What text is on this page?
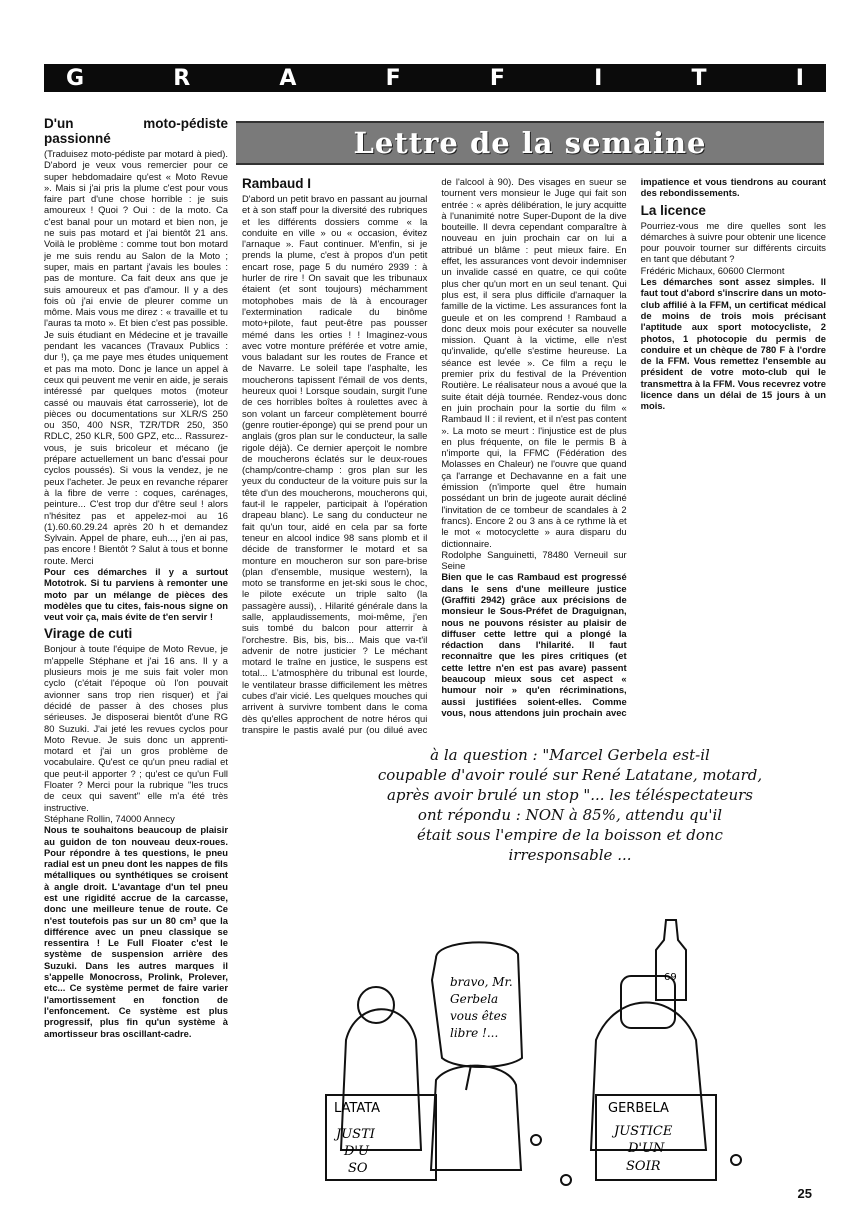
G	R	A	F	F	I	T	I
D'un moto-pédiste passionné

(Traduisez moto-pédiste par motard à pied). D'abord je veux vous remercier pour ce super hebdomadaire qu'est « Moto Revue ». Mais si j'ai pris la plume c'est pour vous faire part d'une chose horrible : je suis amoureux ! Quoi ? Oui : de la moto. Ca c'est banal pour un motard et bien non, je ne suis pas motard et j'ai bientôt 21 ans. Voilà le problème : comme tout bon motard je me suis rendu au Salon de la Moto ; super, mais en partant j'avais les boules : pas de monture. Ca fait deux ans que je suis amoureux et pas d'amour. Il y a des fois où j'ai envie de pleurer comme un môme. Mais vous me direz : « travaille et tu l'auras ta moto ». Et bien c'est pas possible. Je suis étudiant en Médecine et je travaille pendant les vacances (Travaux Publics : dur !), ça me paye mes études uniquement et pas ma moto. Donc je lance un appel à ceux qui peuvent me venir en aide, je serais intéressé par quelques motos (moteur cassé ou mauvais état carrosserie), lot de pièces ou documentations sur XLR/S 250 ou 350, 400 NSR, TZR/TDR 250, 350 RDLC, 250 KLR, 500 GPZ, etc... Rassurez-vous, je suis bricoleur et mécano (je prépare actuellement un banc d'essai pour cyclos poussés). Si vous la vendez, je ne peux l'acheter. Je peux en revanche réparer à la fibre de verre : coques, carénages, peinture... C'est trop dur d'être seul ! alors n'hésitez pas et appelez-moi au 16 (1).60.60.29.24 après 20 h et demandez Sylvain. Appel de phare, euh..., j'en ai pas, pas encore ! Bientôt ? Salut à tous et bonne route. Merci

Pour ces démarches il y a surtout Mototrok. Si tu parviens à remonter une moto par un mélange de pièces des modèles que tu cites, fais-nous signe on veut voir ça, mais évite de t'en servir !

Virage de cuti

Bonjour à toute l'équipe de Moto Revue, je m'appelle Stéphane et j'ai 16 ans. Il y a plusieurs mois je me suis fait voler mon cyclo (c'était l'époque où l'on pouvait avionner sans trop rien risquer) et j'ai décidé de passer à des choses plus sérieuses. Je disposerai bientôt d'une RG 80 Suzuki. J'ai jeté les revues cyclos pour Moto Revue. Je suis donc un apprenti-motard et j'ai un gros problème de vocabulaire. Qu'est ce qu'un pneu radial et que peut-il apporter ? ; qu'est ce qu'un Full Floater ? Merci pour la rubrique "les trucs de ceux qui savent" elle m'a été très instructive.

Stéphane Rollin, 74000 Annecy

Nous te souhaitons beaucoup de plaisir au guidon de ton nouveau deux-roues. Pour répondre à tes questions, le pneu radial est un pneu dont les nappes de fils métalliques ou synthétiques se croisent à angle droit. L'avantage d'un tel pneu est une rigidité accrue de la carcasse, donc une meilleure tenue de route. Ce n'est toutefois pas sur un 80 cm³ que la différence avec un pneu classique se ressentira ! Le Full Floater c'est le système de suspension arrière des Suzuki. Dans les autres marques il s'appelle Monocross, Prolink, Prolever, etc... Ce système permet de faire varier l'amortissement en fonction de l'enfoncement. Ce système est plus progressif, plus fin qu'un système à amortisseur bras oscillant-cadre.

Lettre de la semaine
Rambaud I

D'abord un petit bravo en passant au journal et à son staff pour la diversité des rubriques et les différents dossiers comme « la conduite en ville » ou « occasion, évitez l'arnaque ». Faut continuer. M'enfin, si je prends la plume, c'est à propos d'un petit encart rose, page 5 du numéro 2939 : à hurler de rire ! On savait que les tribunaux étaient (et sont toujours) méchamment motophobes mais de là à encourager l'extermination radicale du binôme moto+pilote, faut peut-être pas pousser mémé dans les orties ! ! Imaginez-vous avec votre monture préférée et votre amie, vous baladant sur les routes de France et de Navarre. Le soleil tape l'asphalte, les moucherons tapissent l'émail de vos dents, heureux quoi ! Lorsque soudain, surgit l'une de ces horribles boîtes à roulettes avec à son volant un farceur complètement bourré (genre routier-éponge) qui se prend pour un anglais (gros plan sur le conducteur, la salle rigole déjà). Ce dernier aperçoit le nombre de moucherons éclatés sur le deux-roues (champ/contre-champ : gros plan sur les yeux du conducteur de la voiture puis sur la tête d'un des moucherons, moucherons qui, faut-il le rappeler, participait à l'opération drapeau blanc). Le sang du conducteur ne fait qu'un tour, aidé en cela par sa forte teneur en alcool indice 98 sans plomb et il décide de transformer le motard et sa monture en moucheron sur son pare-brise (plan d'ensemble, musique western), la moto se transforme en jet-ski sous le choc, le pilote exécute un triple salto (la passagère aussi), . Hilarité générale dans la salle, applaudissements, moi-même, j'en suis tombé du balcon pour atterrir à l'orchestre. Bis, bis, bis... Mais que va-t'il advenir de notre justicier ? Le méchant motard le traîne en justice, le suspens est total... L'atmosphère du tribunal est lourde, le ventilateur brasse difficilement les mètres cubes d'air vicié. Les quelques mouches qui arrivent à survivre tombent dans le coma dès qu'elles approchent de notre héros qui transpire le pastis avalé pur (ou dilué avec de l'alcool à 90). Des visages en sueur se tournent vers monsieur le Juge qui fait son entrée : « après délibération, le jury acquitte à l'unanimité notre Super-Dupont de la dive bouteille. Il devra cependant comparaître à nouveau en juin prochain car on lui a attribué un blâme : peut mieux faire. En effet, les assurances vont devoir indemniser un invalide cassé en quatre, ce qui coûte plus cher qu'un mort en un seul tenant. Qui plus est, il sera plus difficile d'arnaquer la famille de la victime. Les assurances font la gueule et on les comprend ! Rambaud a donc deux mois pour exécuter sa nouvelle mission. Quant à la victime, elle n'est qu'invalide, qu'elle s'estime heureuse. La séance est levée ». Ce film a reçu le premier prix du festival de la Prévention Routière. Le réalisateur nous a avoué que la suite était déjà tournée. Rendez-vous donc en juin prochain pour la sortie du film « Rambaud II : il revient, et il n'est pas content ». La moto se meurt : l'injustice est de plus en plus fréquente, on file le permis B à n'importe qui, la FFMC (Fédération des Molasses en Chaleur) ne l'ouvre que quand ça l'arrange et Dechavanne en a fait une émission (n'importe quel être humain possédant un brin de jugeote aurait décliné l'invitation de ce tombeur de scandales à 2 francs). Encore 2 ou 3 ans à ce rythme là et le mot « motocyclette » aura disparu du dictionnaire.

Rodolphe Sanguinetti, 78480 Verneuil sur Seine

Bien que le cas Rambaud est progressé dans le sens d'une meilleure justice (Graffiti 2942) grâce aux précisions de monsieur le Sous-Préfet de Draguignan, nous ne pouvons résister au plaisir de diffuser cette lettre qui a plongé la rédaction dans l'hilarité. Il faut reconnaître que les pires critiques (et cette lettre n'en est pas avare) passent beaucoup mieux sous cet aspect « humour noir » qu'en récriminations, aussi justifiées soient-elles. Comme vous, nous attendons juin prochain avec impatience et vous tiendrons au courant des rebondissements.

La licence

Pourriez-vous me dire quelles sont les démarches à suivre pour obtenir une licence pour pouvoir tourner sur différents circuits en tant que débutant ?

Frédéric Michaux, 60600 Clermont

Les démarches sont assez simples. Il faut tout d'abord s'inscrire dans un moto-club affilié à la FFM, un certificat médical de moins de trois mois précisant l'aptitude aux sport motocycliste, 2 photos, 1 photocopie du permis de conduire et un chèque de 780 F à l'ordre de la FFM. Vous remettez l'ensemble au président de votre moto-club qui le transmettra à la FFM. Vous recevrez votre licence dans un délai de 15 jours à un mois.

à la question : "Marcel Gerbela est-il
coupable d'avoir roulé sur René Latatane, motard,
après avoir brulé un stop "... les téléspectateurs
ont répondu : NON à 85%, attendu qu'il
était sous l'empire de la boisson et donc
irresponsable ...
bravo, Mr.
Gerbela
vous êtes
libre !...
69
LATATA	GERBELA
JUSTI
D'U
SO
JUSTICE
D'UN
SOIR
25
